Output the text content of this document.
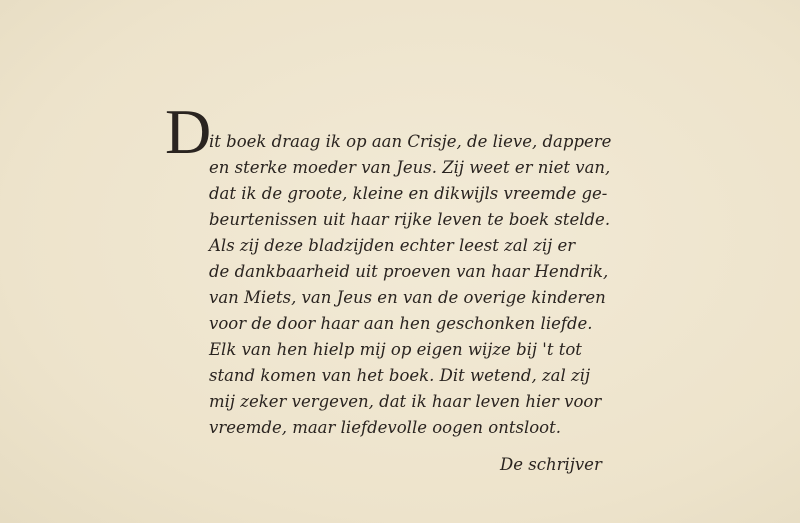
D it boek draag ik op aan Crisje, de lieve, dappere
en sterke moeder van Jeus. Zij weet er niet van,
dat ik de groote, kleine en dikwijls vreemde ge-
beurtenissen uit haar rijke leven te boek stelde.
Als zij deze bladzijden echter leest zal zij er
de dankbaarheid uit proeven van haar Hendrik,
van Miets, van Jeus en van de overige kinderen
voor de door haar aan hen geschonken liefde.
Elk van hen hielp mij op eigen wijze bij 't tot
stand komen van het boek. Dit wetend, zal zij
mij zeker vergeven, dat ik haar leven hier voor
vreemde, maar liefdevolle oogen ontsloot.
De schrijver
